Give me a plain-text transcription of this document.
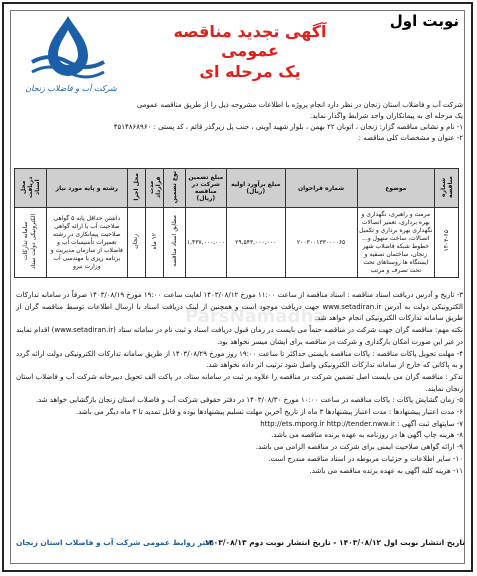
نوبت اول
شرکت آب و فاضلاب زنجان
آگهی تجدید مناقصه عمومی
یک مرحله ای
شرکت آب و فاضلاب استان زنجان در نظر دارد انجام پروژه با اطلاعات مشروحه ذیل را از طریق مناقصه عمومی
یک مرحله ای به پیمانکاران واجد شرایط واگذار نماید.
۱- نام و نشانی مناقصه گزار: زنجان ، اتوبان ۲۲ بهمن ، بلوار شهید آوینی ، جنب پل زیرگذر قائم ، کد پستی : ۴۵۱۴۸۶۸۹۶۰
۲- عنوان و مشخصات کلی مناقصه :
شماره مناقصه	موضوع	شماره فراخوان	مبلغ برآورد اولیه (ریال)	مبلغ تضمین شرکت در مناقصه (ریال)	نوع تضمین	مدت قرارداد	محل اجرا	رشته و پایه مورد نیاز	محل دریافت اسناد
۱۴۰۳-۶۵	مرمت و راهبری، نگهداری و بهره برداری، تعمیر اتصالات نگهداری بهره برداری و تکمیل اتصالات، ساخت منهول و... خطوط شبکه فاضلاب شهر زنجان، ساختمان تصفیه و ایستگاه ها روستاهای تحت تحت تصرف و مرتب	۲۰۰۳۰۰۱۳۳۰۰۰۰۶۵	۲۹,۵۴۳,۰۰۰,۰۰۰	۱,۴۳۷,۰۰۰,۰۰۰	مطابق اسناد مناقصه	۱۲ ماه	زنجان	داشتن حداقل پایه ۵ گواهی صلاحیت آب یا ارائه گواهی صلاحیت پیمانکاری در رشته تعمیرات تأسیسات آب و فاضلاب از سازمان مدیریت و برنامه ریزی یا مهندسی آب وزارت نیرو	سامانه تدارکات الکترونیکی دولت ستاد
ParsNamadha

۳- تاریخ و آدرس دریافت اسناد مناقصه : اسناد مناقصه از ساعت ۱۱:۰۰ مورخ ۱۴۰۳/۰۸/۱۲ لغایت ساعت ۱۹:۰۰ مورخ ۱۴۰۳/۰۸/۱۹ صرفاً در سامانه تدارکات الکترونیکی دولت به آدرس www.setadiran.ir جهت دریافت موجود است و همچنین از لینک دریافت اسناد با ارسال اطلاعات توسط مناقصه گران از طریق سامانه تدارکات الکترونیکی انجام خواهد شد.

نکته مهم: مناقصه گران جهت شرکت در مناقصه حتماً می بایست در زمان قبول دریافت اسناد و ثبت نام در سامانه ستاد (www.setadiran.ir) اقدام نمایند در غیر این صورت امکان بارگذاری و شرکت در مناقصه برای ایشان میسر نخواهد بود.

۴- مهلت تحویل پاکات مناقصه : پاکات مناقصه بایستی حداکثر تا ساعت ۱۹:۰۰ روز مورخ ۱۴۰۳/۰۸/۲۹ از طریق سامانه تدارکات الکترونیکی دولت ارائه گردد و به پاکاتی که خارج از سامانه تدارکات الکترونیکی واصل شود ترتیب اثر داده نخواهد شد.

تذکر : مناقصه گران می بایست اصل تضمین شرکت در مناقصه را علاوه بر ثبت در سامانه ستاد، در پاکت الف تحویل دبیرخانه شرکت آب و فاضلاب استان زنجان نمایند.

۵- زمان گشایش پاکات : پاکات مناقصه در ساعت ۱۰:۰۰ مورخ ۱۴۰۳/۰۸/۳۰ در دفتر حقوقی شرکت آب و فاضلاب استان زنجان بازگشایی خواهد شد.

۶- مدت اعتبار پیشنهادها : مدت اعتبار پیشنهادها ۳ ماه از تاریخ آخرین مهلت تسلیم پیشنهادها بوده و قابل تمدید تا ۳ ماه دیگر می باشد.

۷- سایتهای ثبت آگهی : http://ets.mporg.ir http://tender.nww.ir

۸- هزینه چاپ آگهی ها در روزنامه به عهده برنده مناقصه می باشد.

۹- ارائه گواهی صلاحیت ایمنی برای شرکت در مناقصه الزامی می باشد.

۱۰- سایر اطلاعات و جزئیات مربوطه در اسناد مناقصه مندرج است.

۱۱- هزینه کلیه آگهی به عهده برنده مناقصه می باشد.

تاریخ انتشار نوبت اول ۱۴۰۳/۰۸/۱۲ - تاریخ انتشار نوبت دوم ۱۴۰۳/۰۸/۱۳
دفتر روابط عمومی شرکت آب و فاضلاب استان زنجان
